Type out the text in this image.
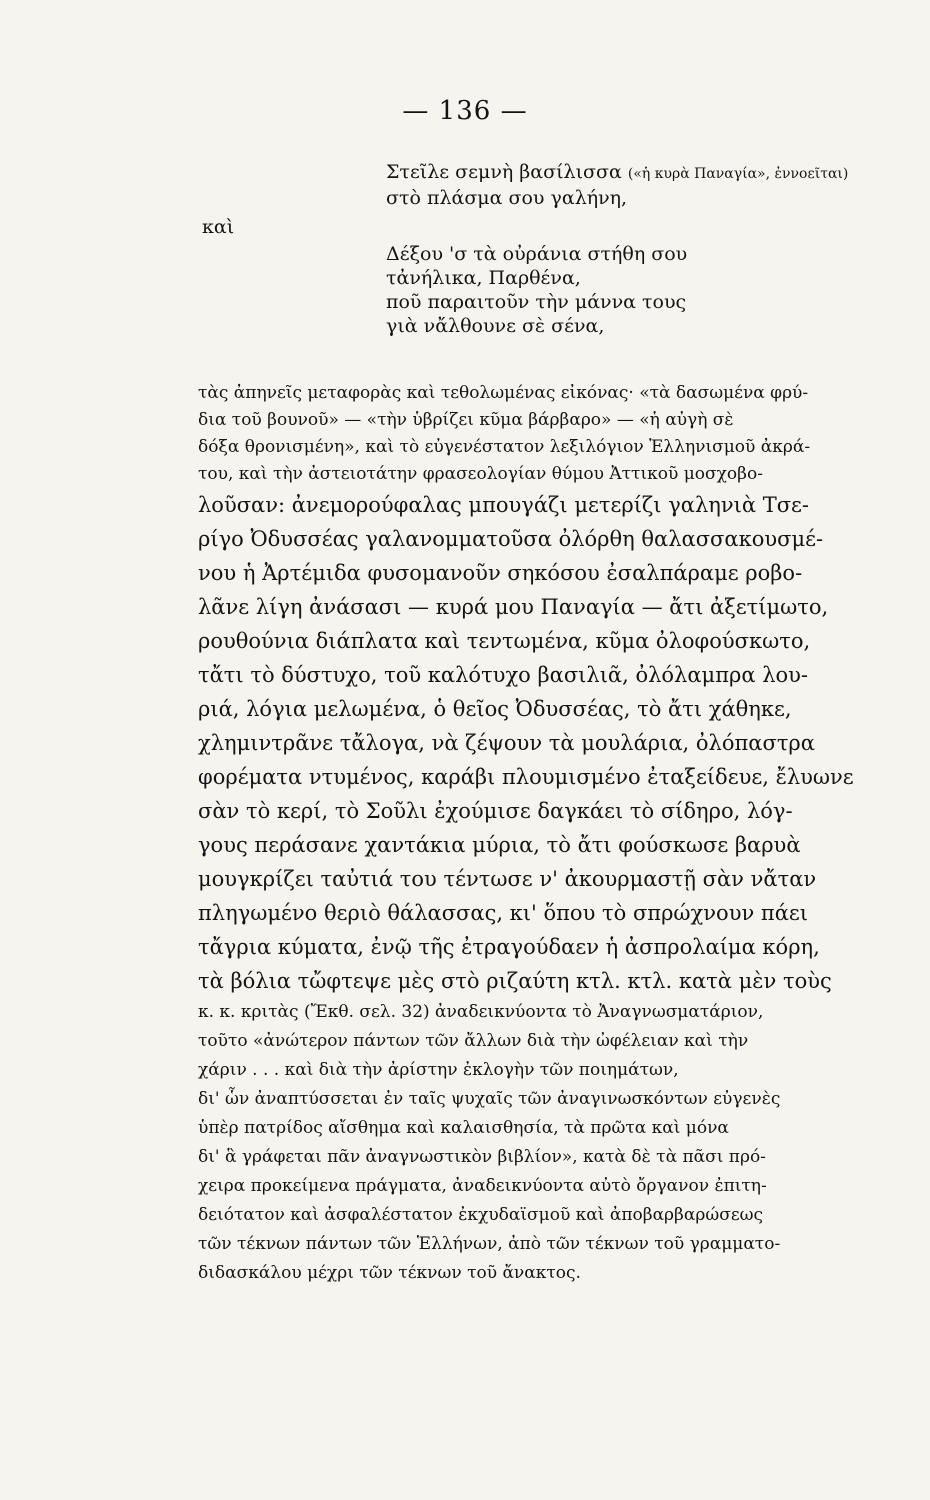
— 136 —
Στεῖλε σεμνὴ βασίλισσα («ἡ κυρὰ Παναγία», ἐννοεῖται)
στὸ πλάσμα σου γαλήνη,
καὶ
Δέξου 'σ τὰ οὐράνια στήθη σου
τἀνήλικα, Παρθένα,
ποῦ παραιτοῦν τὴν μάννα τους
γιὰ νἄλθουνε σὲ σένα,
τὰς ἀπηνεῖς μεταφορὰς καὶ τεθολωμένας εἰκόνας· «τὰ δασωμένα φρύ-
δια τοῦ βουνοῦ» — «τὴν ὑβρίζει κῦμα βάρβαρο» — «ἡ αὐγὴ σὲ
δόξα θρονισμένη», καὶ τὸ εὐγενέστατον λεξιλόγιον Ἑλληνισμοῦ ἀκρά-
του, καὶ τὴν ἀστειοτάτην φρασεολογίαν θύμου Ἀττικοῦ μοσχοβο-
λοῦσαν: ἀνεμορούφαλας μπουγάζι μετερίζι γαληνιὰ Τσε-
ρίγο Ὀδυσσέας γαλανομματοῦσα ὀλόρθη θαλασσακουσμέ-
νου ἡ Ἀρτέμιδα φυσομανοῦν σηκόσου ἐσαλπάραμε ροβο-
λᾶνε λίγη ἀνάσασι — κυρά μου Παναγία — ἄτι ἀξετίμωτο,
ρουθούνια διάπλατα καὶ τεντωμένα, κῦμα ὀλοφούσκωτο,
τἄτι τὸ δύστυχο, τοῦ καλότυχο βασιλιᾶ, ὀλόλαμπρα λου-
ριά, λόγια μελωμένα, ὁ θεῖος Ὀδυσσέας, τὸ ἄτι χάθηκε,
χλημιντρᾶνε τἄλογα, νὰ ζέψουν τὰ μουλάρια, ὀλόπαστρα
φορέματα ντυμένος, καράβι πλουμισμένο ἐταξείδευε, ἔλυωνε
σὰν τὸ κερί, τὸ Σοῦλι ἐχούμισε δαγκάει τὸ σίδηρο, λόγ-
γους περάσανε χαντάκια μύρια, τὸ ἄτι φούσκωσε βαρυὰ
μουγκρίζει ταὐτιά του τέντωσε ν' ἀκουρμαστῇ σὰν νἄταν
πληγωμένο θεριὸ θάλασσας, κι' ὅπου τὸ σπρώχνουν πάει
τἄγρια κύματα, ἐνῷ τῆς ἐτραγούδαεν ἡ ἀσπρολαίμα κόρη,
τὰ βόλια τὤφτεψε μὲς στὸ ριζαύτη κτλ. κτλ. κατὰ μὲν τοὺς
κ. κ. κριτὰς (Ἔκθ. σελ. 32) ἀναδεικνύοντα τὸ Ἀναγνωσματάριον,
τοῦτο «ἀνώτερον πάντων τῶν ἄλλων διὰ τὴν ὠφέλειαν καὶ τὴν
χάριν . . . καὶ διὰ τὴν ἀρίστην ἐκλογὴν τῶν ποιημάτων,
δι' ὧν ἀναπτύσσεται ἐν ταῖς ψυχαῖς τῶν ἀναγινωσκόντων εὐγενὲς
ὑπὲρ πατρίδος αἴσθημα καὶ καλαισθησία, τὰ πρῶτα καὶ μόνα
δι' ἃ γράφεται πᾶν ἀναγνωστικὸν βιβλίον», κατὰ δὲ τὰ πᾶσι πρό-
χειρα προκείμενα πράγματα, ἀναδεικνύοντα αὐτὸ ὄργανον ἐπιτη-
δειότατον καὶ ἀσφαλέστατον ἐκχυδαϊσμοῦ καὶ ἀποβαρβαρώσεως
τῶν τέκνων πάντων τῶν Ἑλλήνων, ἀπὸ τῶν τέκνων τοῦ γραμματο-
διδασκάλου μέχρι τῶν τέκνων τοῦ ἄνακτος.
